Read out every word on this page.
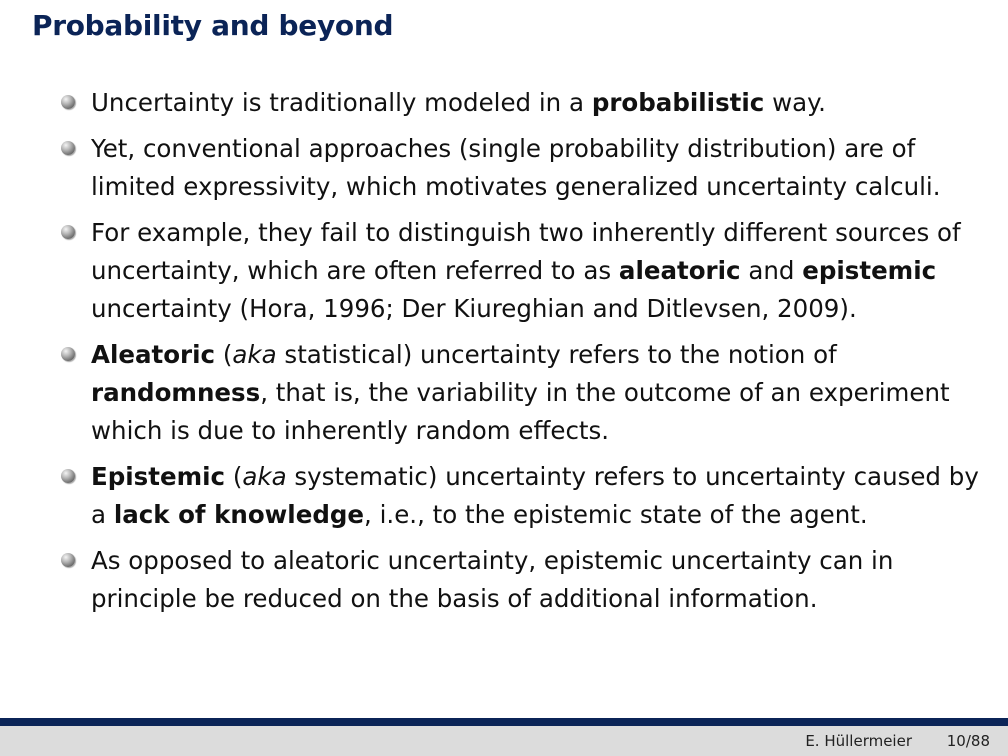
Probability and beyond
Uncertainty is traditionally modeled in a probabilistic way.
Yet, conventional approaches (single probability distribution) are of limited expressivity, which motivates generalized uncertainty calculi.
For example, they fail to distinguish two inherently different sources of uncertainty, which are often referred to as aleatoric and epistemic uncertainty (Hora, 1996; Der Kiureghian and Ditlevsen, 2009).
Aleatoric (aka statistical) uncertainty refers to the notion of randomness, that is, the variability in the outcome of an experiment which is due to inherently random effects.
Epistemic (aka systematic) uncertainty refers to uncertainty caused by a lack of knowledge, i.e., to the epistemic state of the agent.
As opposed to aleatoric uncertainty, epistemic uncertainty can in principle be reduced on the basis of additional information.
E. Hüllermeier 10/88
